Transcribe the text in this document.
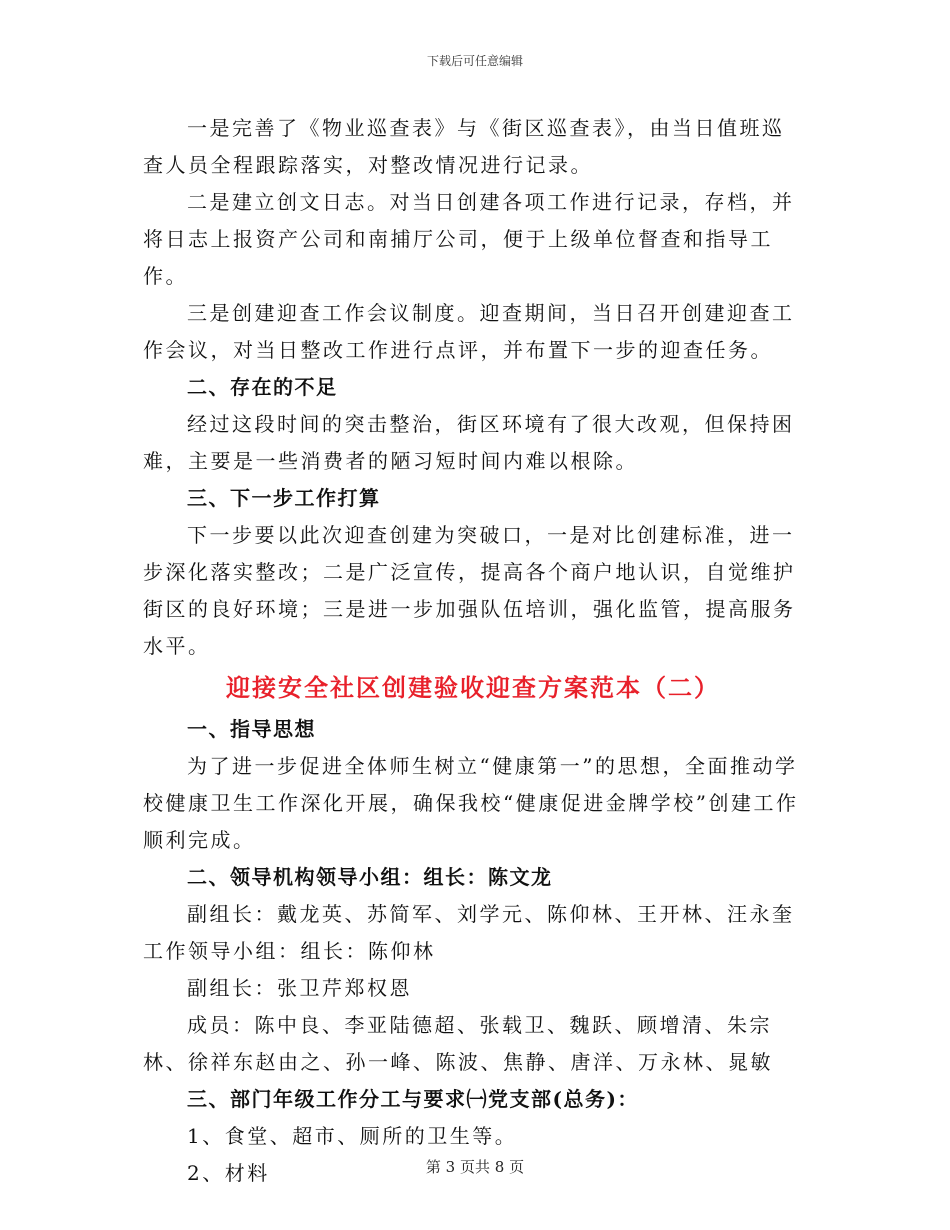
下载后可任意编辑

一是完善了《物业巡查表》与《街区巡查表》，由当日值班巡查人员全程跟踪落实，对整改情况进行记录。

二是建立创文日志。对当日创建各项工作进行记录，存档，并将日志上报资产公司和南捕厅公司，便于上级单位督查和指导工作。

三是创建迎查工作会议制度。迎查期间，当日召开创建迎查工作会议，对当日整改工作进行点评，并布置下一步的迎查任务。

二、存在的不足

经过这段时间的突击整治，街区环境有了很大改观，但保持困难，主要是一些消费者的陋习短时间内难以根除。

三、下一步工作打算

下一步要以此次迎查创建为突破口，一是对比创建标准，进一步深化落实整改；二是广泛宣传，提高各个商户地认识，自觉维护街区的良好环境；三是进一步加强队伍培训，强化监管，提高服务水平。

迎接安全社区创建验收迎查方案范本（二）

一、指导思想

为了进一步促进全体师生树立“健康第一”的思想，全面推动学校健康卫生工作深化开展，确保我校“健康促进金牌学校”创建工作顺利完成。

二、领导机构领导小组：组长：陈文龙

副组长：戴龙英、苏简军、刘学元、陈仰林、王开林、汪永奎工作领导小组：组长：陈仰林

副组长：张卫芹郑权恩

成员：陈中良、李亚陆德超、张载卫、魏跃、顾增清、朱宗林、徐祥东赵由之、孙一峰、陈波、焦静、唐洋、万永林、晁敏

三、部门年级工作分工与要求㈠党支部(总务)：

1、食堂、超市、厕所的卫生等。

2、材料	第 3 页共 8 页
